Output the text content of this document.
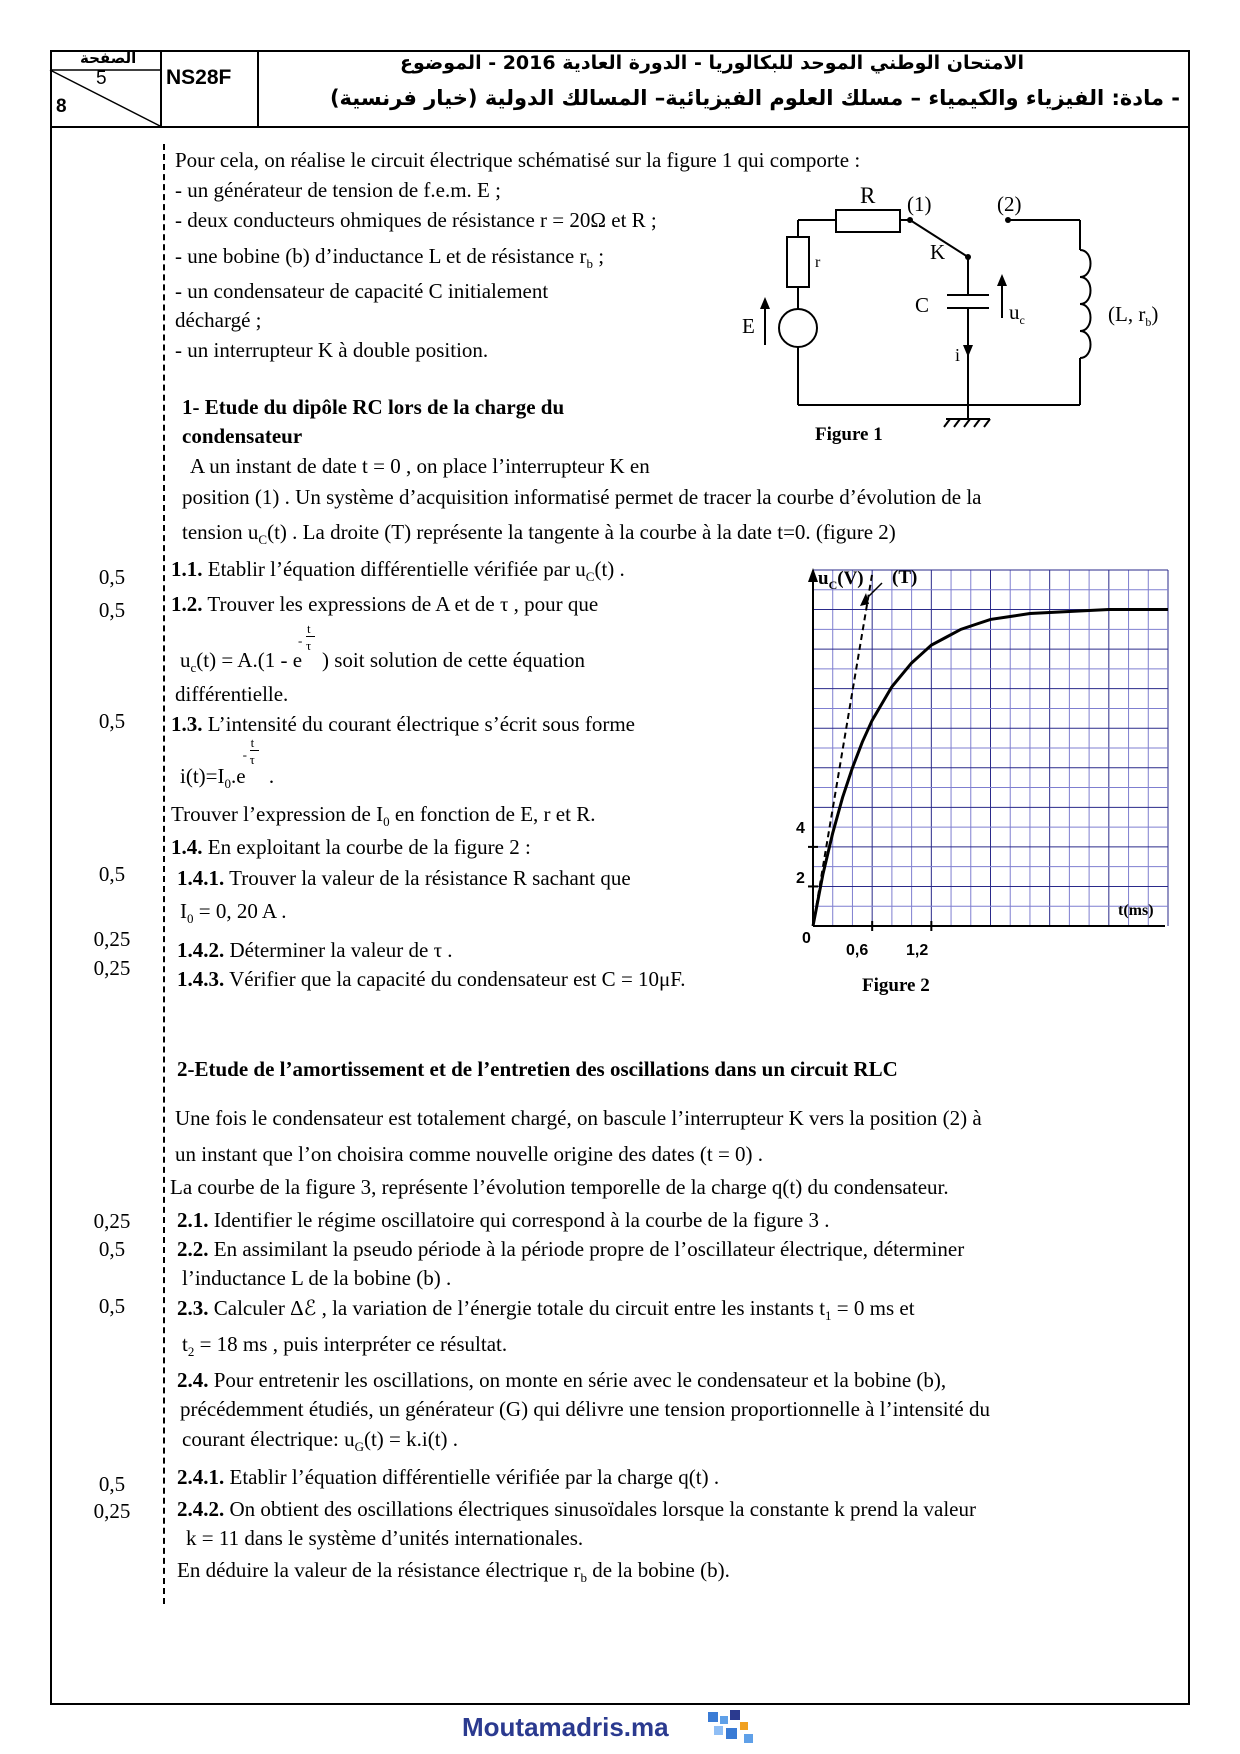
الصفحة
5
8
NS28F
الامتحان الوطني الموحد للبكالوريا - الدورة العادية 2016 - الموضوع
- مادة: الفيزياء والكيمياء – مسلك العلوم الفيزيائية– المسالك الدولية (خيار فرنسية)
0,5
0,5
0,5
0,5
0,25
0,25
0,25
0,5
0,5
0,5
0,25
Pour cela, on réalise le circuit électrique schématisé sur la figure 1 qui comporte :
- un générateur de tension de f.e.m. E ;
- deux conducteurs ohmiques de résistance r = 20Ω et R ;
- une bobine (b) d’inductance L et de résistance $r_b$ ;
- un condensateur de capacité C initialement
déchargé ;
- un interrupteur K à double position.
R
r
(1)	(2)
K
C	$u_c$
E
i
(L, $r_b$)
Figure 1
1- Etude du dipôle RC lors de la charge du
condensateur
A un instant de date t = 0 , on place l’interrupteur K en
position (1) . Un système d’acquisition informatisé permet de tracer la courbe d’évolution de la
tension $u_C(t)$ . La droite (T) représente la tangente à la courbe à la date t=0. (figure 2)
1.1. Etablir l’équation différentielle vérifiée par $u_C(t)$ .
1.2. Trouver les expressions de A et de τ , pour que
$u_c(t) = A.(1 - e$
-
t
τ
) soit solution de cette équation
différentielle.
1.3. L’intensité du courant électrique s’écrit sous forme
$i(t)=I_0.e$
-
t
τ
.
Trouver l’expression de $I_0$ en fonction de E, r et R.
1.4. En exploitant la courbe de la figure 2 :
1.4.1. Trouver la valeur de la résistance R sachant que
$I_0 = 0$, 20 A .
1.4.2. Déterminer la valeur de τ .
1.4.3. Vérifier que la capacité du condensateur est C = 10μF.
$u_C(V)$ (T)
t(ms)
0
0,6 1,2
2
4
Figure 2
2-Etude de l’amortissement et de l’entretien des oscillations dans un circuit RLC
Une fois le condensateur est totalement chargé, on bascule l’interrupteur K vers la position (2) à
un instant que l’on choisira comme nouvelle origine des dates (t = 0) .
La courbe de la figure 3, représente l’évolution temporelle de la charge q(t) du condensateur.
2.1. Identifier le régime oscillatoire qui correspond à la courbe de la figure 3 .
2.2. En assimilant la pseudo période à la période propre de l’oscillateur électrique, déterminer
l’inductance L de la bobine (b) .
2.3. Calculer Δℰ , la variation de l’énergie totale du circuit entre les instants $t_1 = 0$ ms et
$t_2 = 18$ ms , puis interpréter ce résultat.
2.4. Pour entretenir les oscillations, on monte en série avec le condensateur et la bobine (b),
précédemment étudiés, un générateur (G) qui délivre une tension proportionnelle à l’intensité du
courant électrique: $u_G(t) = k.i(t)$ .
2.4.1. Etablir l’équation différentielle vérifiée par la charge q(t) .
2.4.2. On obtient des oscillations électriques sinusoïdales lorsque la constante k prend la valeur
k = 11 dans le système d’unités internationales.
En déduire la valeur de la résistance électrique $r_b$ de la bobine (b).
Moutamadris.ma
